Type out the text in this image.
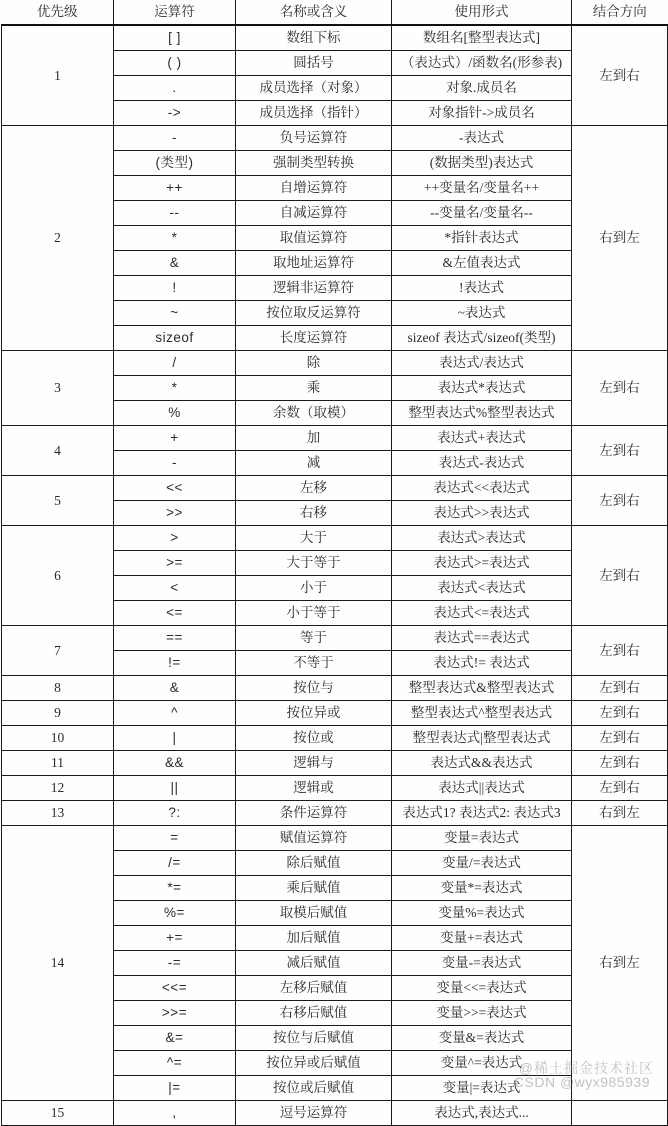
优先级	运算符	名称或含义	使用形式	结合方向
1	[ ]	数组下标	数组名[整型表达式]	左到右
	( )	圆括号	（表达式）/函数名(形参表)	
	.	成员选择（对象）	对象.成员名	
	->	成员选择（指针）	对象指针->成员名	
2	-	负号运算符	-表达式	右到左
	(类型)	强制类型转换	(数据类型)表达式	
	++	自增运算符	++变量名/变量名++	
	--	自减运算符	--变量名/变量名--	
	*	取值运算符	*指针表达式	
	&	取地址运算符	&左值表达式	
	!	逻辑非运算符	!表达式	
	~	按位取反运算符	~表达式	
	sizeof	长度运算符	sizeof 表达式/sizeof(类型)	
3	/	除	表达式/表达式	左到右
	*	乘	表达式*表达式	
	%	余数（取模）	整型表达式%整型表达式	
4	+	加	表达式+表达式	左到右
	-	减	表达式-表达式	
5	<<	左移	表达式<<表达式	左到右
	>>	右移	表达式>>表达式	
6	>	大于	表达式>表达式	左到右
	>=	大于等于	表达式>=表达式	
	<	小于	表达式<表达式	
	<=	小于等于	表达式<=表达式	
7	==	等于	表达式==表达式	左到右
	!=	不等于	表达式!= 表达式	
8	&	按位与	整型表达式&整型表达式	左到右
9	^	按位异或	整型表达式^整型表达式	左到右
10	|	按位或	整型表达式|整型表达式	左到右
11	&&	逻辑与	表达式&&表达式	左到右
12	||	逻辑或	表达式||表达式	左到右
13	?:	条件运算符	表达式1? 表达式2: 表达式3	右到左
14	=	赋值运算符	变量=表达式	右到左
	/=	除后赋值	变量/=表达式	
	*=	乘后赋值	变量*=表达式	
	%=	取模后赋值	变量%=表达式	
	+=	加后赋值	变量+=表达式	
	-=	减后赋值	变量-=表达式	
	<<=	左移后赋值	变量<<=表达式	
	>>=	右移后赋值	变量>>=表达式	
	&=	按位与后赋值	变量&=表达式	
	^=	按位异或后赋值	变量^=表达式	
	|=	按位或后赋值	变量|=表达式	
15	,	逗号运算符	表达式,表达式...	
@稀土掘金技术社区
CSDN @wyx985939
